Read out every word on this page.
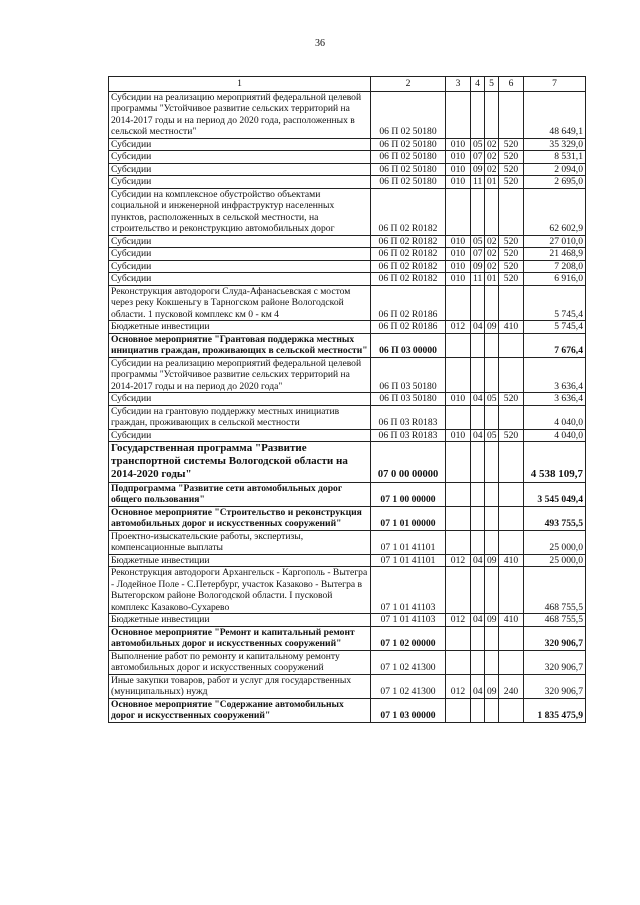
36
1	2	3	4	5	6	7
Субсидии на реализацию мероприятий федеральной целевой программы "Устойчивое развитие сельских территорий на 2014-2017 годы и на период до 2020 года, расположенных в сельской местности"	06 П 02 50180					48 649,1
Субсидии	06 П 02 50180	010	05	02	520	35 329,0
Субсидии	06 П 02 50180	010	07	02	520	8 531,1
Субсидии	06 П 02 50180	010	09	02	520	2 094,0
Субсидии	06 П 02 50180	010	11	01	520	2 695,0
Субсидии на комплексное обустройство объектами социальной и инженерной инфраструктур населенных пунктов, расположенных в сельской местности, на строительство и реконструкцию автомобильных дорог	06 П 02 R0182					62 602,9
Субсидии	06 П 02 R0182	010	05	02	520	27 010,0
Субсидии	06 П 02 R0182	010	07	02	520	21 468,9
Субсидии	06 П 02 R0182	010	09	02	520	7 208,0
Субсидии	06 П 02 R0182	010	11	01	520	6 916,0
Реконструкция автодороги Слуда-Афанасьевская с мостом через реку Кокшеньгу в Тарногском районе Вологодской области. 1 пусковой комплекс км 0 - км 4	06 П 02 R0186					5 745,4
Бюджетные инвестиции	06 П 02 R0186	012	04	09	410	5 745,4
Основное мероприятие "Грантовая поддержка местных инициатив граждан, проживающих в сельской местности"	06 П 03 00000					7 676,4
Субсидии на реализацию мероприятий федеральной целевой программы "Устойчивое развитие сельских территорий на 2014-2017 годы и на период до 2020 года"	06 П 03 50180					3 636,4
Субсидии	06 П 03 50180	010	04	05	520	3 636,4
Субсидии на грантовую поддержку местных инициатив граждан, проживающих в сельской местности	06 П 03 R0183					4 040,0
Субсидии	06 П 03 R0183	010	04	05	520	4 040,0
Государственная программа "Развитие транспортной системы Вологодской области на 2014-2020 годы"	07 0 00 00000					4 538 109,7
Подпрограмма "Развитие сети автомобильных дорог общего пользования"	07 1 00 00000					3 545 049,4
Основное мероприятие "Строительство и реконструкция автомобильных дорог и искусственных сооружений"	07 1 01 00000					493 755,5
Проектно-изыскательские работы, экспертизы, компенсационные выплаты	07 1 01 41101					25 000,0
Бюджетные инвестиции	07 1 01 41101	012	04	09	410	25 000,0
Реконструкция автодороги Архангельск - Каргополь - Вытегра - Лодейное Поле - С.Петербург, участок Казаково - Вытегра в Вытегорском районе Вологодской области. I пусковой комплекс Казаково-Сухарево	07 1 01 41103					468 755,5
Бюджетные инвестиции	07 1 01 41103	012	04	09	410	468 755,5
Основное мероприятие "Ремонт и капитальный ремонт автомобильных дорог и искусственных сооружений"	07 1 02 00000					320 906,7
Выполнение работ по ремонту и капитальному ремонту автомобильных дорог и искусственных сооружений	07 1 02 41300					320 906,7
Иные закупки товаров, работ и услуг для государственных (муниципальных) нужд	07 1 02 41300	012	04	09	240	320 906,7
Основное мероприятие "Содержание автомобильных дорог и искусственных сооружений"	07 1 03 00000					1 835 475,9
